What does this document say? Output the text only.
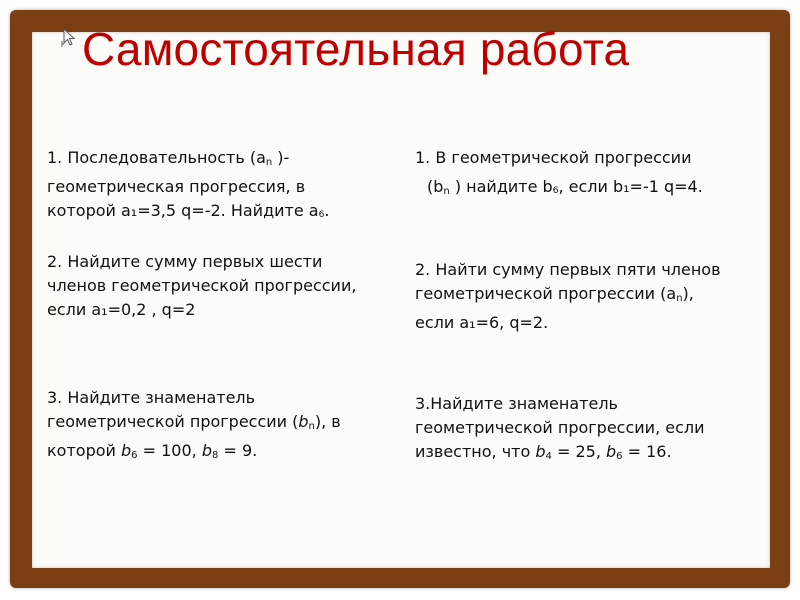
Самостоятельная работа
1. Последовательность ($a_n$ )-
геометрическая прогрессия, в
которой a₁=3,5 q=-2. Найдите a6.
2. Найдите сумму первых шести
членов геометрической прогрессии,
если a₁=0,2 , q=2
3. Найдите знаменатель
геометрической прогрессии $(b_n)$, в
которой $b_6 = 100$, $b_8 = 9$.
1. В геометрической прогрессии
($b_n$ ) найдите b6, если b₁=-1 q=4.
2. Найти сумму первых пяти членов
геометрической прогрессии $(a_n)$,
если a₁=6, q=2.
3.Найдите знаменатель
геометрической прогрессии, если
известно, что $b_4 = 25$, $b_6 = 16$.
